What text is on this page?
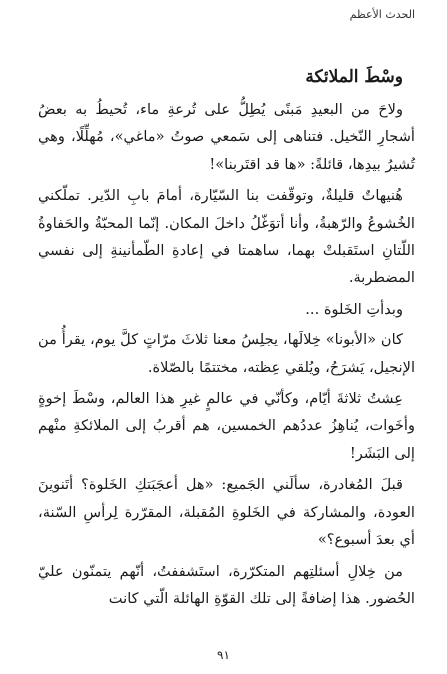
الحدث الأعظم
وسْطَ الملائكة

ولاحَ من البعيدِ مَبنًى يُطِلُّ على تُرعةِ ماء، تُحيطُ به بعضُ أشجارِ النّخيل. فتناهى إلى سَمعي صوتُ «ماغي»، مُهلِّلًا، وهي تُشيرُ بيدِها، قائلةً: «ها قد اقتَربنا»!

هُنيهاتٌ قليلةٌ، وتوقّفت بنا السّيّارة، أمامَ بابِ الدّير. تملّكني الخُشوعُ والرّهبةُ، وأنا أتوَغّلُ داخلَ المكان. إنّما المحبّةُ والحَفاوةُ اللّتانِ استَقبلتْ بهما، ساهمتا في إعادةِ الطّمأنينةِ إلى نفسي المضطربة.

وبدأتِ الخَلوة ...

كان «الأبونا» خِلالَها، يجلِسُ معنا ثلاثَ مرّاتٍ كلَّ يوم، يقرأُ من الإنجيل، يَشرَحُ، ويُلقي عِظته، مختتمًا بالصّلاة.

عِشتُ ثلاثةَ أيّام، وكأنّي في عالمٍ غيرِ هذا العالم، وسْطَ إخوةٍ وأخَوات، يُناهِزُ عددُهم الخمسين، هم أقربُ إلى الملائكةِ منْهم إلى البَشَر!

قبلَ المُغادرة، سألَني الجَميع: «هل أعجَبَتكِ الخَلوة؟ أتَنوينَ العودة، والمشاركة في الخَلوةِ المُقبلة، المقرّرة لِرأسِ السّنة، أي بعدَ أسبوع؟»

من خِلالِ أسئلتِهم المتكرّرة، استَشففتُ، أنّهم يتمنّون عليّ الحُضور. هذا إضافةً إلى تلك القوّةِ الهائلة الّتي كانت

٩١
